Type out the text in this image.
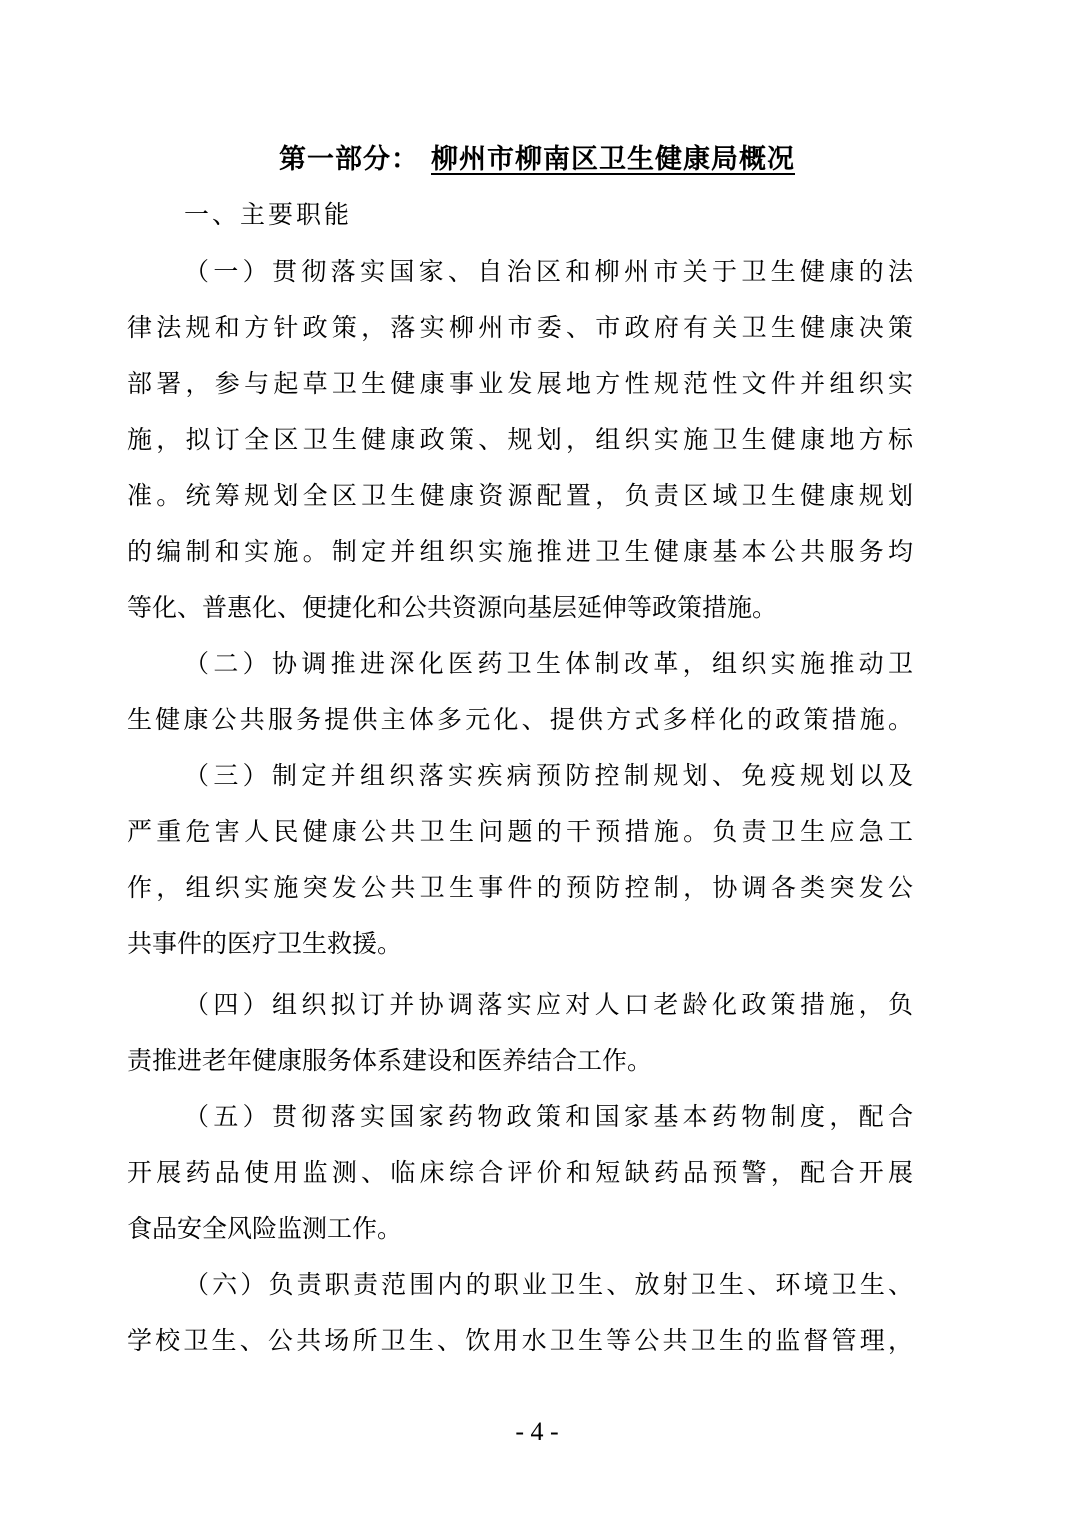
第一部分： 柳州市柳南区卫生健康局概况
一、主要职能
（一）贯彻落实国家、自治区和柳州市关于卫生健康的法
律法规和方针政策，落实柳州市委、市政府有关卫生健康决策
部署，参与起草卫生健康事业发展地方性规范性文件并组织实
施，拟订全区卫生健康政策、规划，组织实施卫生健康地方标
准。统筹规划全区卫生健康资源配置，负责区域卫生健康规划
的编制和实施。制定并组织实施推进卫生健康基本公共服务均
等化、普惠化、便捷化和公共资源向基层延伸等政策措施。
（二）协调推进深化医药卫生体制改革，组织实施推动卫
生健康公共服务提供主体多元化、提供方式多样化的政策措施。
（三）制定并组织落实疾病预防控制规划、免疫规划以及
严重危害人民健康公共卫生问题的干预措施。负责卫生应急工
作，组织实施突发公共卫生事件的预防控制，协调各类突发公
共事件的医疗卫生救援。
（四）组织拟订并协调落实应对人口老龄化政策措施，负
责推进老年健康服务体系建设和医养结合工作。
（五）贯彻落实国家药物政策和国家基本药物制度，配合
开展药品使用监测、临床综合评价和短缺药品预警，配合开展
食品安全风险监测工作。
（六）负责职责范围内的职业卫生、放射卫生、环境卫生、
学校卫生、公共场所卫生、饮用水卫生等公共卫生的监督管理，
- 4 -
